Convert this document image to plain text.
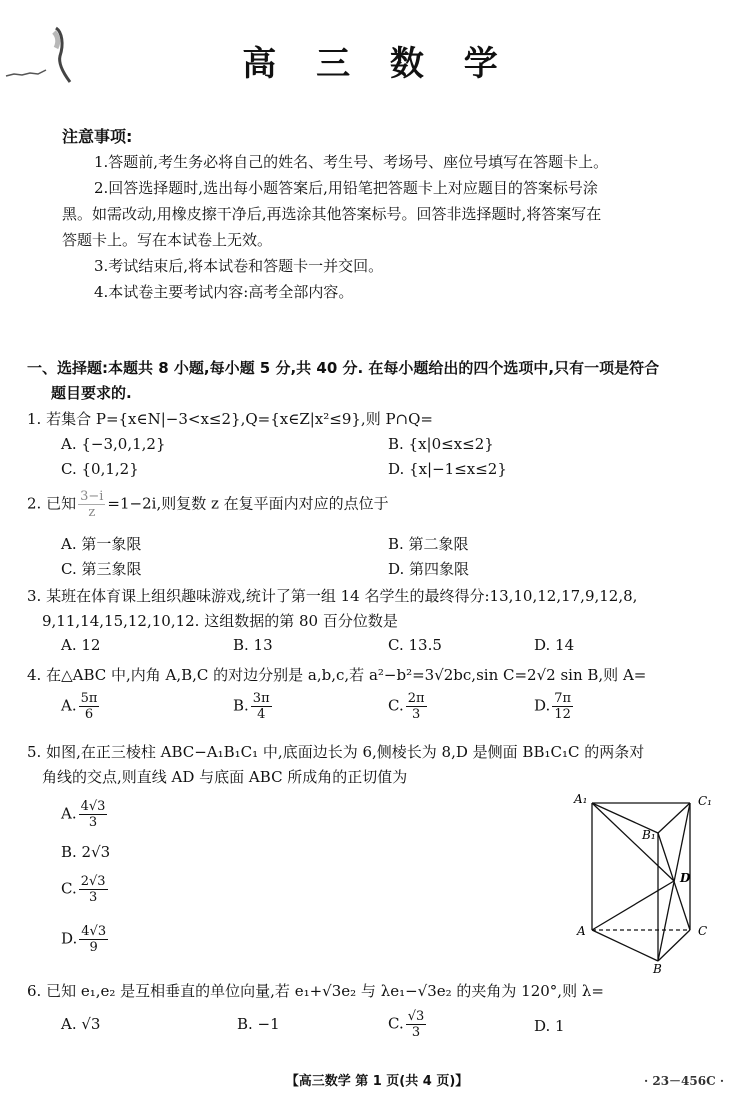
高 三 数 学
注意事项:
1.答题前,考生务必将自己的姓名、考生号、考场号、座位号填写在答题卡上。
2.回答选择题时,选出每小题答案后,用铅笔把答题卡上对应题目的答案标号涂
黑。如需改动,用橡皮擦干净后,再选涂其他答案标号。回答非选择题时,将答案写在
答题卡上。写在本试卷上无效。
3.考试结束后,将本试卷和答题卡一并交回。
4.本试卷主要考试内容:高考全部内容。
一、选择题:本题共 8 小题,每小题 5 分,共 40 分. 在每小题给出的四个选项中,只有一项是符合
题目要求的.
1. 若集合 P={x∈N|−3<x≤2},Q={x∈Z|x²≤9},则 P∩Q=
A. {−3,0,1,2}	B. {x|0≤x≤2}
C. {0,1,2}	D. {x|−1≤x≤2}
2. 已知 $\frac{3-i}{z} =1-2i$,则复数 z 在复平面内对应的点位于
A. 第一象限	B. 第二象限
C. 第三象限	D. 第四象限
3. 某班在体育课上组织趣味游戏,统计了第一组 14 名学生的最终得分:13,10,12,17,9,12,8,
9,11,14,15,12,10,12. 这组数据的第 80 百分位数是
A. 12	B. 13	C. 13.5	D. 14
4. 在△ABC 中,内角 A,B,C 的对边分别是 a,b,c,若 a²−b²=3√2bc,sin C=2√2 sin B,则 A=
A. $\frac{5\pi}{6}$	B. $\frac{3\pi}{4}$	C. $\frac{2\pi}{3}$	D. $\frac{7\pi}{12}$
5. 如图,在正三棱柱 ABC−A₁B₁C₁ 中,底面边长为 6,侧棱长为 8,D 是侧面 BB₁C₁C 的两条对
角线的交点,则直线 AD 与底面 ABC 所成角的正切值为
A. $\frac{4√3}{3}$
B. 2√3
C. $\frac{2√3}{3}$
D. $\frac{4√3}{9}$
A₁	C₁
B₁
D
A	C
B
6. 已知 e₁,e₂ 是互相垂直的单位向量,若 e₁+√3e₂ 与 λe₁−√3e₂ 的夹角为 120°,则 λ=
A. √3	B. −1	C. $\frac{√3}{3}$	D. 1
【高三数学 第 1 页(共 4 页)】	· 23－456C ·
